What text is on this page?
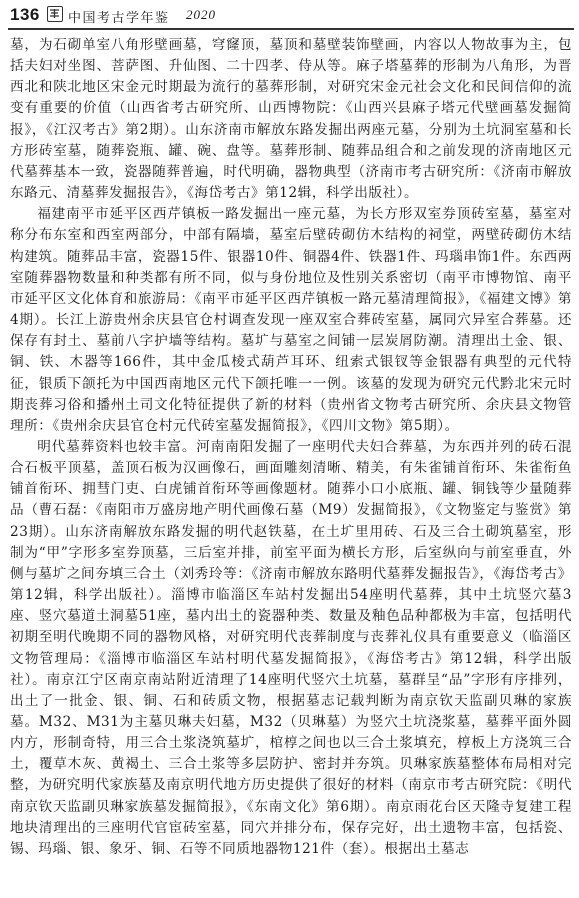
136 中国考古学年鉴 2020

墓，为石砌单室八角形壁画墓，穹窿顶，墓顶和墓壁装饰壁画，内容以人物故事为主，包括夫妇对坐图、菩萨图、升仙图、二十四孝、侍从等。麻子塔墓葬的形制为八角形，为晋西北和陕北地区宋金元时期最为流行的墓葬形制，对研究宋金元社会文化和民间信仰的流变有重要的价值（山西省考古研究所、山西博物院：《山西兴县麻子塔元代壁画墓发掘简报》，《江汉考古》第2期）。山东济南市解放东路发掘出两座元墓，分别为土坑洞室墓和长方形砖室墓，随葬瓷瓶、罐、碗、盘等。墓葬形制、随葬品组合和之前发现的济南地区元代墓葬基本一致，瓷器随葬普遍，时代明确，器物典型（济南市考古研究所：《济南市解放东路元、清墓葬发掘报告》，《海岱考古》第12辑，科学出版社）。

福建南平市延平区西芹镇板一路发掘出一座元墓，为长方形双室券顶砖室墓，墓室对称分布东室和西室两部分，中部有隔墙，墓室后壁砖砌仿木结构的祠堂，两壁砖砌仿木结构建筑。随葬品丰富，瓷器15件、银器10件、铜器4件、铁器1件、玛瑙串饰1件。东西两室随葬器物数量和种类都有所不同，似与身份地位及性别关系密切（南平市博物馆、南平市延平区文化体育和旅游局：《南平市延平区西芹镇板一路元墓清理简报》，《福建文博》第4期）。长江上游贵州余庆县官仓村调查发现一座双室合葬砖室墓，属同穴异室合葬墓。还保存有封土、墓前八字护墙等结构。墓圹与墓室之间铺一层炭屑防潮。清理出土金、银、铜、铁、木器等166件，其中金瓜棱式葫芦耳环、纽索式银钗等金银器有典型的元代特征，银质下颌托为中国西南地区元代下颌托唯一一例。该墓的发现为研究元代黔北宋元时期丧葬习俗和播州土司文化特征提供了新的材料（贵州省文物考古研究所、余庆县文物管理所：《贵州余庆县官仓村元代砖室墓发掘简报》，《四川文物》第5期）。

明代墓葬资料也较丰富。河南南阳发掘了一座明代夫妇合葬墓，为东西并列的砖石混合石板平顶墓，盖顶石板为汉画像石，画面雕刻清晰、精美，有朱雀铺首衔环、朱雀衔鱼铺首衔环、拥彗门吏、白虎铺首衔环等画像题材。随葬小口小底瓶、罐、铜钱等少量随葬品（曹石磊：《南阳市万盛房地产明代画像石墓（M9）发掘简报》，《文物鉴定与鉴赏》第23期）。山东济南解放东路发掘的明代赵铁墓，在土圹里用砖、石及三合土砌筑墓室，形制为“甲”字形多室券顶墓，三后室并排，前室平面为横长方形，后室纵向与前室垂直，外侧与墓圹之间夯填三合土（刘秀玲等：《济南市解放东路明代墓葬发掘报告》，《海岱考古》第12辑，科学出版社）。淄博市临淄区车站村发掘出54座明代墓葬，其中土坑竖穴墓3座、竖穴墓道土洞墓51座，墓内出土的瓷器种类、数量及釉色品种都极为丰富，包括明代初期至明代晚期不同的器物风格，对研究明代丧葬制度与丧葬礼仪具有重要意义（临淄区文物管理局：《淄博市临淄区车站村明代墓发掘简报》，《海岱考古》第12辑，科学出版社）。南京江宁区南京南站附近清理了14座明代竖穴土坑墓，墓群呈“品”字形有序排列，出土了一批金、银、铜、石和砖质文物，根据墓志记载判断为南京钦天监副贝琳的家族墓。M32、M31为主墓贝琳夫妇墓，M32（贝琳墓）为竖穴土坑浇浆墓，墓葬平面外圆内方，形制奇特，用三合土浆浇筑墓圹，棺椁之间也以三合土浆填充，椁板上方浇筑三合土，覆草木灰、黄褐土、三合土浆等多层防护、密封并夯筑。贝琳家族墓整体布局相对完整，为研究明代家族墓及南京明代地方历史提供了很好的材料（南京市考古研究院：《明代南京钦天监副贝琳家族墓发掘简报》，《东南文化》第6期）。南京雨花台区天隆寺复建工程地块清理出的三座明代官宦砖室墓，同穴并排分布，保存完好，出土遗物丰富，包括瓷、锡、玛瑙、银、象牙、铜、石等不同质地器物121件（套）。根据出土墓志
